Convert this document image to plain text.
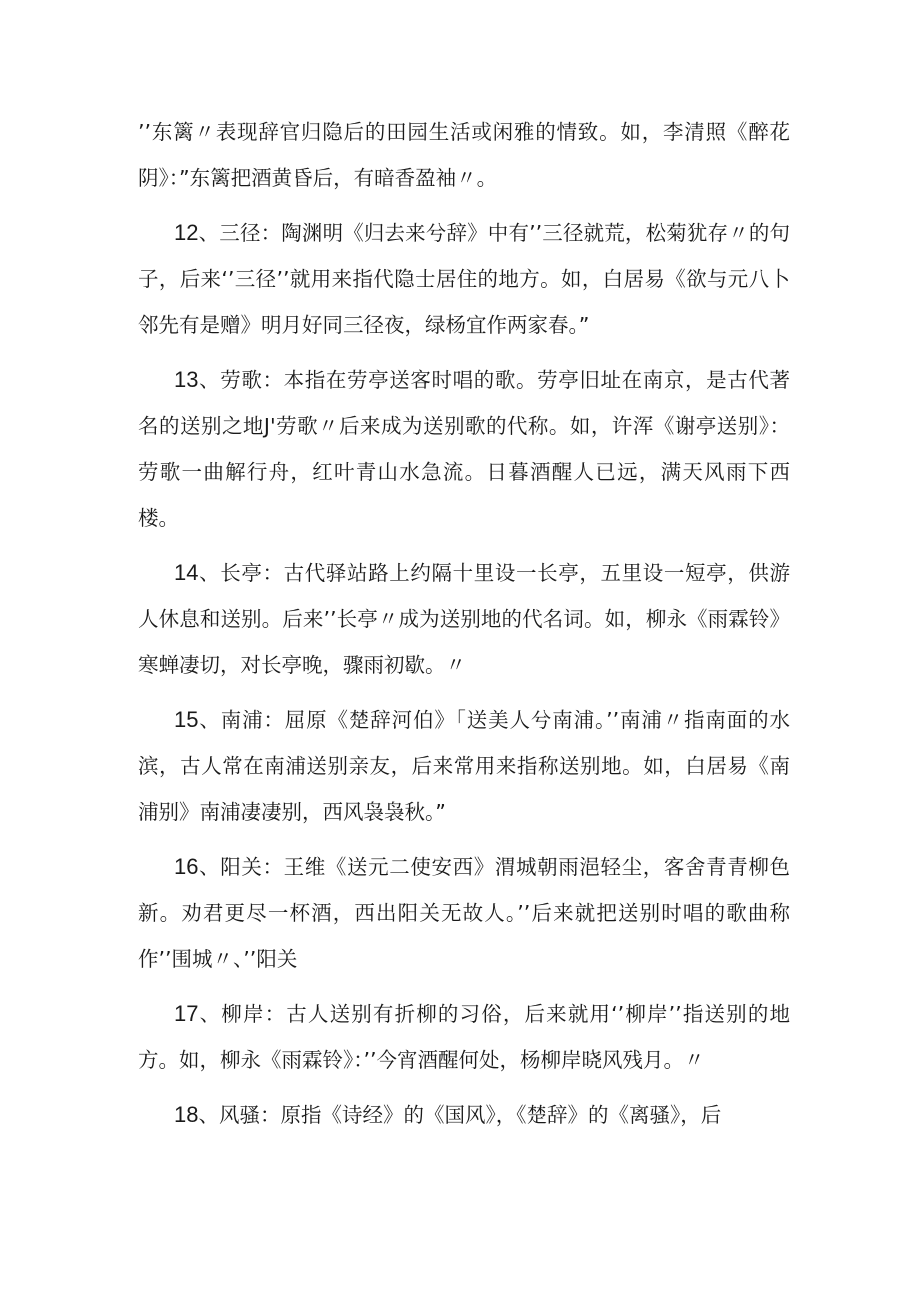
’’东篱〃表现辞官归隐后的田园生活或闲雅的情致。如，李清照《醉花阴》：”东篱把酒黄昏后，有暗香盈袖〃。

12、三径：陶渊明《归去来兮辞》中有’’三径就荒，松菊犹存〃的句子，后来‘’三径’’就用来指代隐士居住的地方。如，白居易《欲与元八卜邻先有是赠》明月好同三径夜，绿杨宜作两家春。”

13、劳歌：本指在劳亭送客时唱的歌。劳亭旧址在南京，是古代著名的送别之地J'劳歌〃后来成为送别歌的代称。如，许浑《谢亭送别》：劳歌一曲解行舟，红叶青山水急流。日暮酒醒人已远，满天风雨下西楼。

14、长亭：古代驿站路上约隔十里设一长亭，五里设一短亭，供游人休息和送别。后来’’长亭〃成为送别地的代名词。如，柳永《雨霖铃》寒蝉凄切，对长亭晚，骤雨初歇。〃

15、南浦：屈原《楚辞河伯》「送美人兮南浦。’’南浦〃指南面的水滨，古人常在南浦送别亲友，后来常用来指称送别地。如，白居易《南浦别》南浦凄凄别，西风袅袅秋。”

16、阳关：王维《送元二使安西》渭城朝雨浥轻尘，客舍青青柳色新。劝君更尽一杯酒，西出阳关无故人。’’后来就把送别时唱的歌曲称作’’围城〃、’’阳关

17、柳岸：古人送别有折柳的习俗，后来就用‘’柳岸’’指送别的地方。如，柳永《雨霖铃》：’’今宵酒醒何处，杨柳岸晓风残月。〃

18、风骚：原指《诗经》的《国风》，《楚辞》的《离骚》，后
